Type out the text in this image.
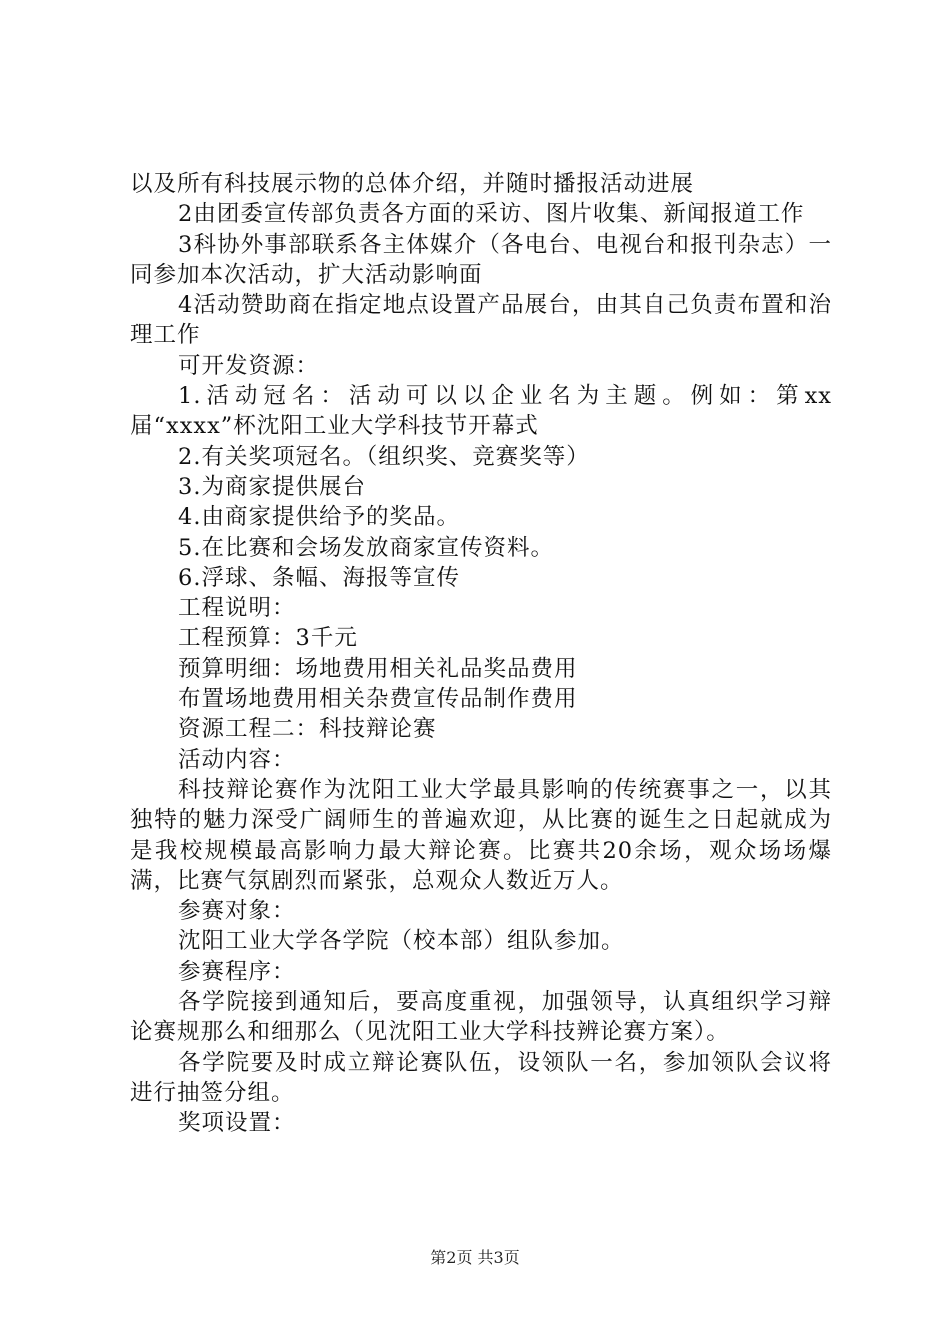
以及所有科技展示物的总体介绍，并随时播报活动进展

2由团委宣传部负责各方面的采访、图片收集、新闻报道工作

3科协外事部联系各主体媒介（各电台、电视台和报刊杂志）一同参加本次活动，扩大活动影响面

4活动赞助商在指定地点设置产品展台，由其自己负责布置和治理工作

可开发资源：

1.活动冠名：活动可以以企业名为主题。例如：第xx届“xxxx”杯沈阳工业大学科技节开幕式

2.有关奖项冠名。（组织奖、竞赛奖等）

3.为商家提供展台

4.由商家提供给予的奖品。

5.在比赛和会场发放商家宣传资料。

6.浮球、条幅、海报等宣传

工程说明：

工程预算：3千元

预算明细：场地费用相关礼品奖品费用

布置场地费用相关杂费宣传品制作费用

资源工程二：科技辩论赛

活动内容：

科技辩论赛作为沈阳工业大学最具影响的传统赛事之一，以其独特的魅力深受广阔师生的普遍欢迎，从比赛的诞生之日起就成为是我校规模最高影响力最大辩论赛。比赛共20余场，观众场场爆满，比赛气氛剧烈而紧张，总观众人数近万人。

参赛对象：

沈阳工业大学各学院（校本部）组队参加。

参赛程序：

各学院接到通知后，要高度重视，加强领导，认真组织学习辩论赛规那么和细那么（见沈阳工业大学科技辨论赛方案）。

各学院要及时成立辩论赛队伍，设领队一名，参加领队会议将进行抽签分组。

奖项设置：

第2页 共3页
